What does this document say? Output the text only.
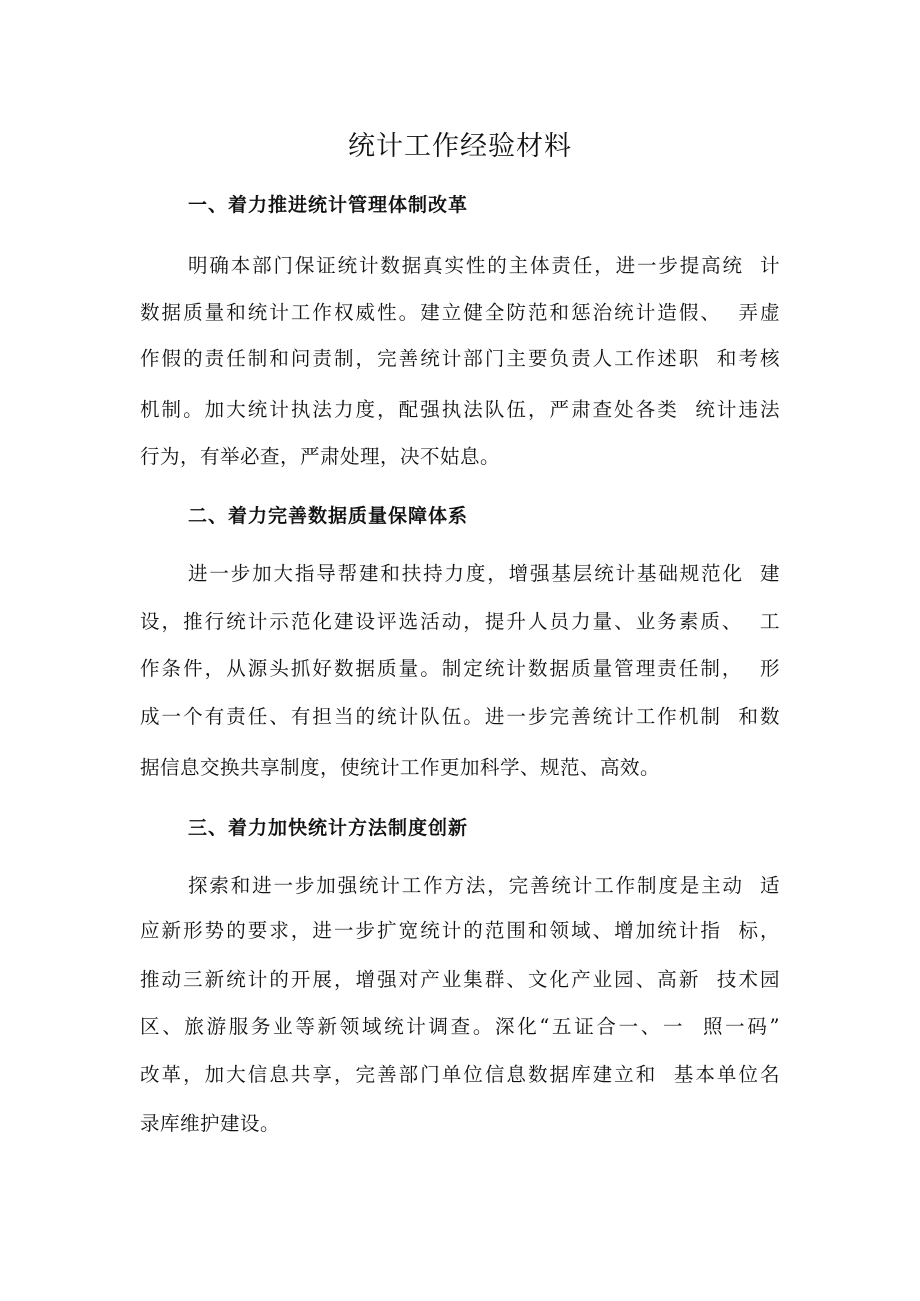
统计工作经验材料
一、着力推进统计管理体制改革

明确本部门保证统计数据真实性的主体责任，进一步提高统  计

数据质量和统计工作权威性。建立健全防范和惩治统计造假、  弄虚

作假的责任制和问责制，完善统计部门主要负责人工作述职  和考核

机制。加大统计执法力度，配强执法队伍，严肃查处各类  统计违法

行为，有举必查，严肃处理，决不姑息。

二、着力完善数据质量保障体系

进一步加大指导帮建和扶持力度，增强基层统计基础规范化  建

设，推行统计示范化建设评选活动，提升人员力量、业务素质、  工

作条件，从源头抓好数据质量。制定统计数据质量管理责任制，  形

成一个有责任、有担当的统计队伍。进一步完善统计工作机制  和数

据信息交换共享制度，使统计工作更加科学、规范、高效。

三、着力加快统计方法制度创新

探索和进一步加强统计工作方法，完善统计工作制度是主动  适

应新形势的要求，进一步扩宽统计的范围和领域、增加统计指  标，

推动三新统计的开展，增强对产业集群、文化产业园、高新  技术园

区、旅游服务业等新领域统计调查。深化“五证合一、一  照一码”

改革，加大信息共享，完善部门单位信息数据库建立和  基本单位名

录库维护建设。
